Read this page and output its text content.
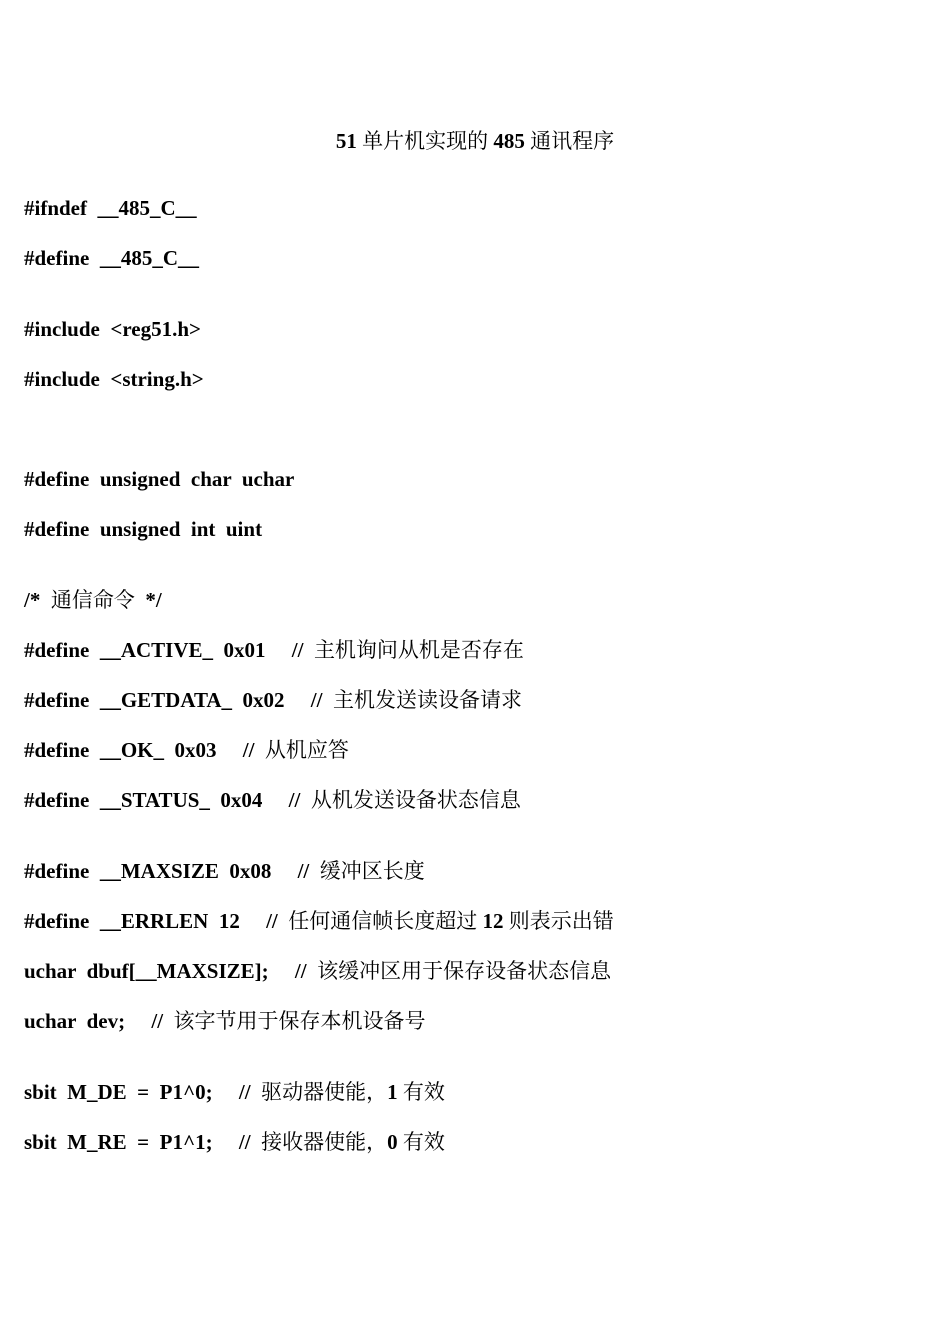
51 单片机实现的 485 通讯程序
#ifndef  __485_C__
#define  __485_C__
#include  <reg51.h>
#include  <string.h>
#define  unsigned  char  uchar
#define  unsigned  int  uint
/*  通信命令  */
#define  __ACTIVE_  0x01     //  主机询问从机是否存在
#define  __GETDATA_  0x02     //  主机发送读设备请求
#define  __OK_  0x03     //  从机应答
#define  __STATUS_  0x04     //  从机发送设备状态信息
#define  __MAXSIZE  0x08     //  缓冲区长度
#define  __ERRLEN  12     //  任何通信帧长度超过 12 则表示出错
uchar  dbuf[__MAXSIZE];     //  该缓冲区用于保存设备状态信息
uchar  dev;     //  该字节用于保存本机设备号
sbit  M_DE  =  P1^0;     //  驱动器使能，1 有效
sbit  M_RE  =  P1^1;     //  接收器使能，0 有效
